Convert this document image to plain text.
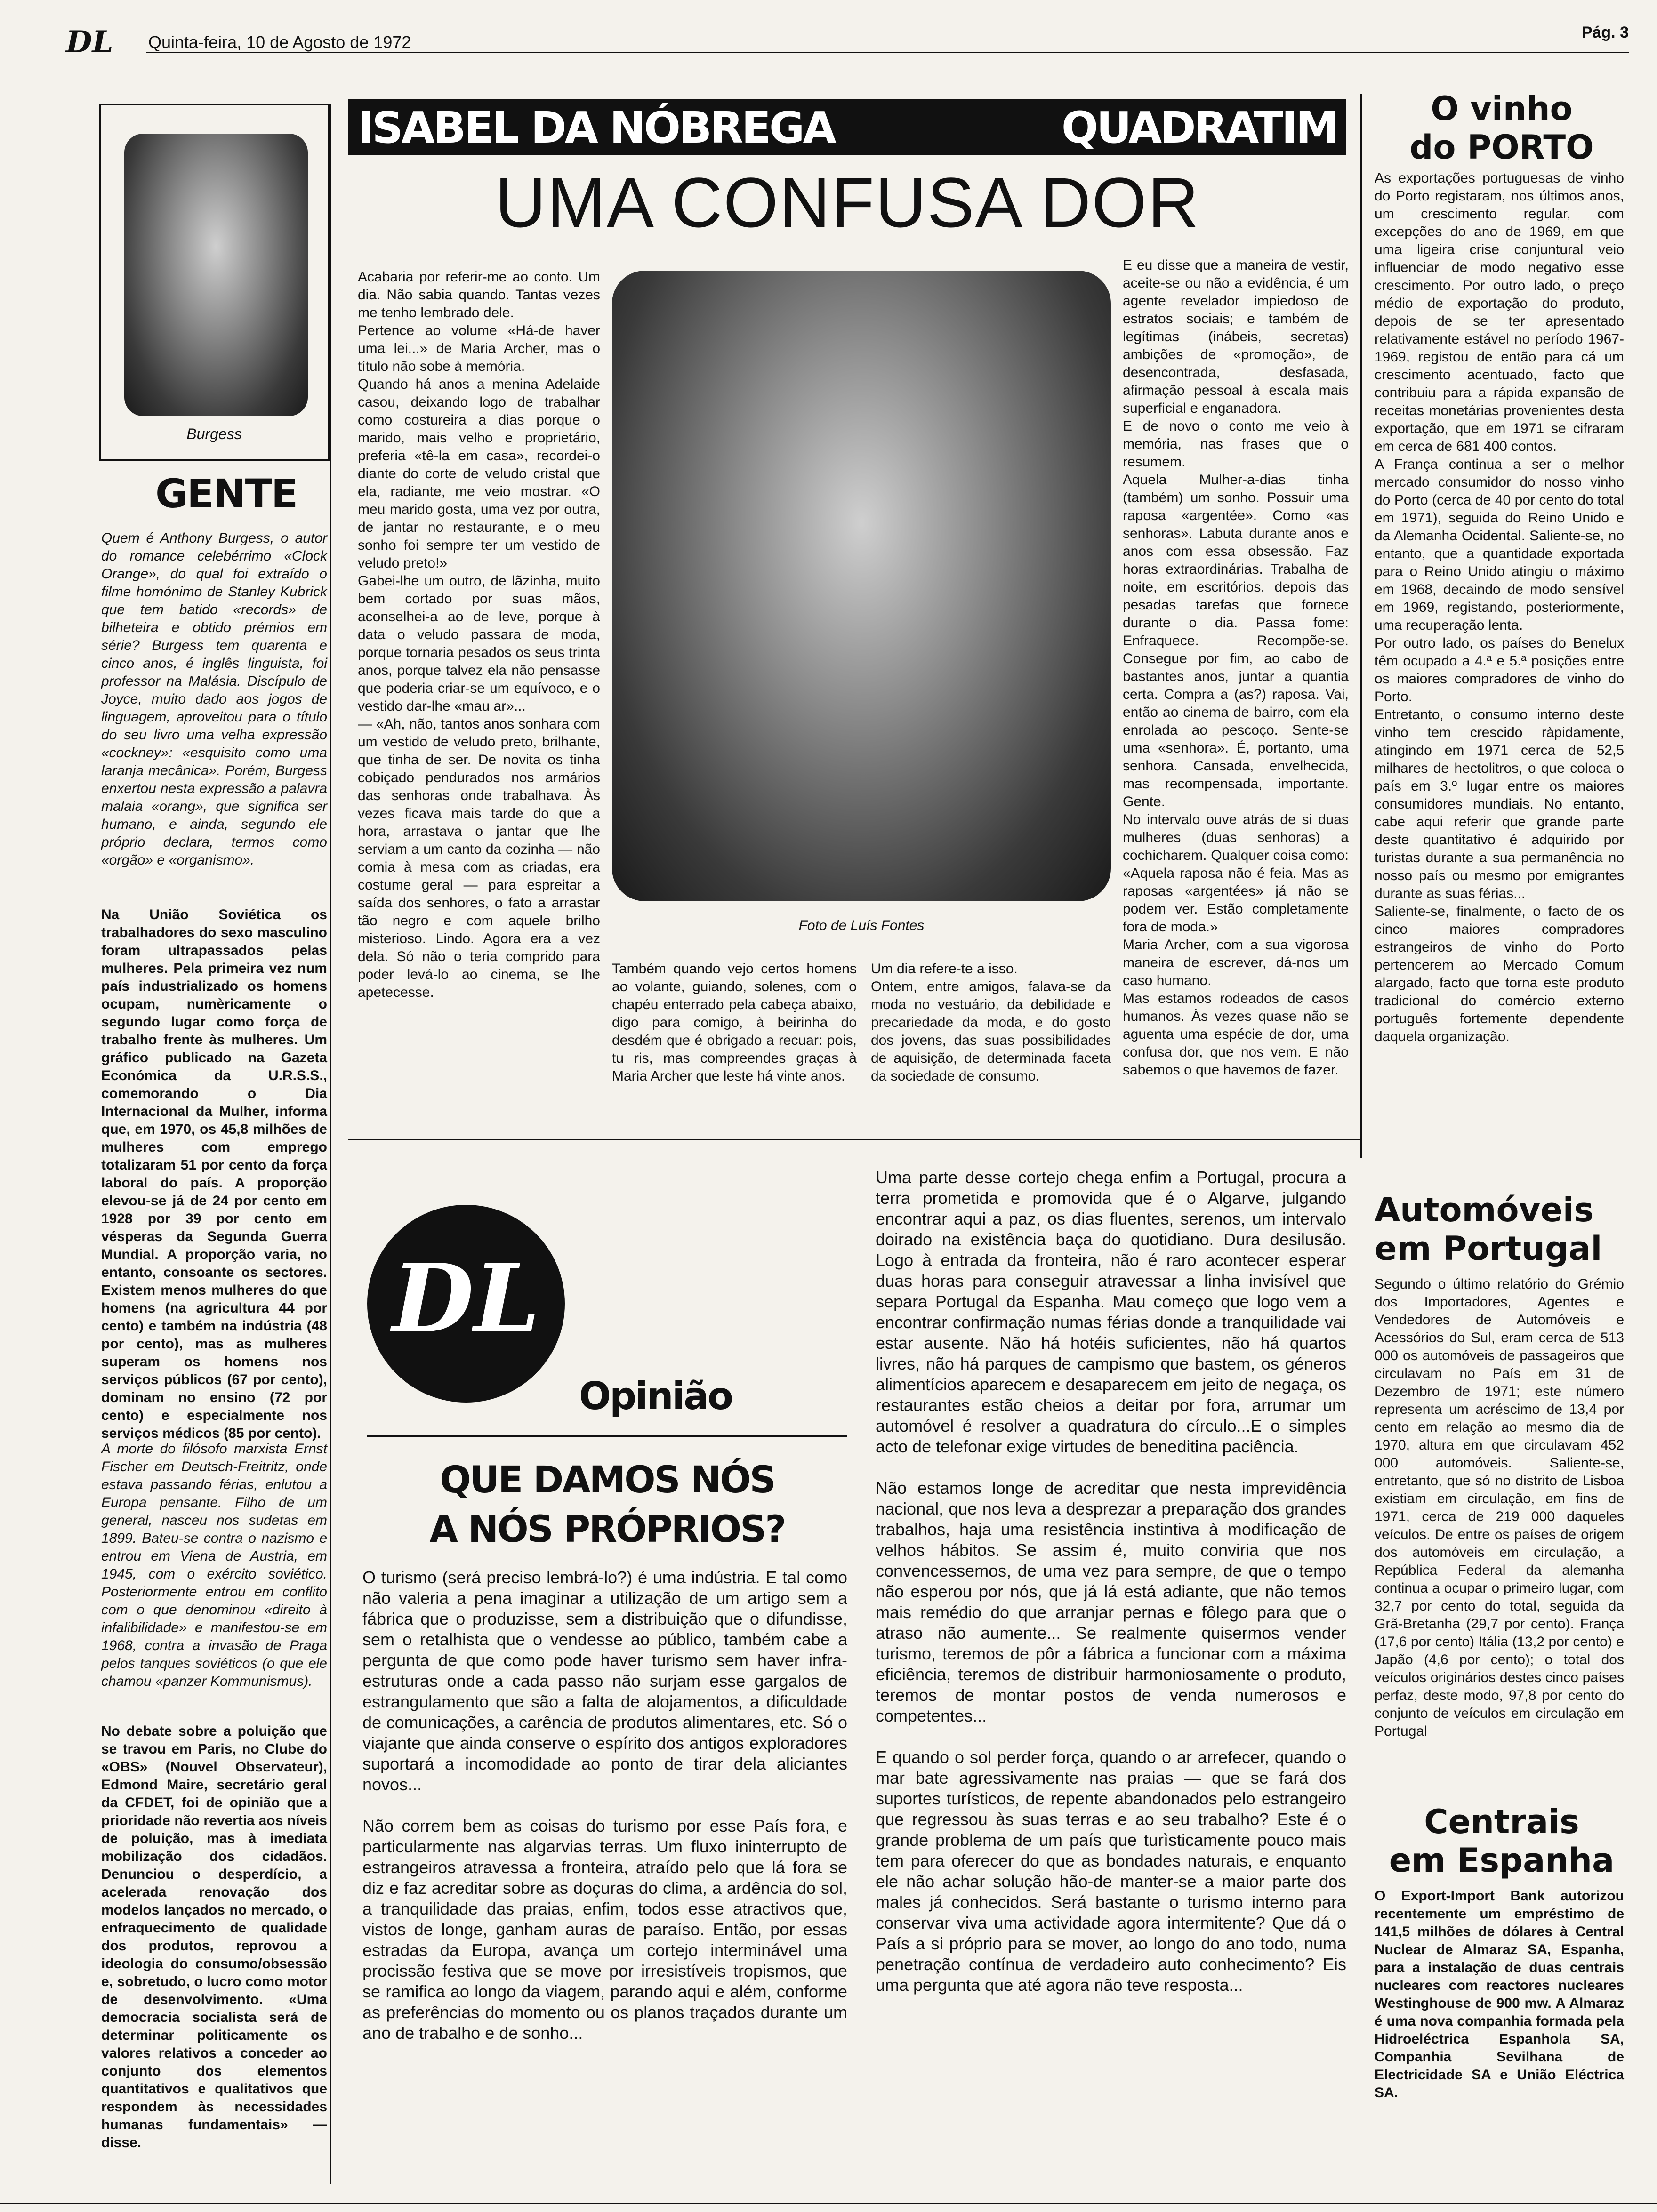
DL Quinta-feira, 10 de Agosto de 1972	Pág. 3
Burgess
GENTE
Quem é Anthony Burgess, o autor do romance celebérrimo «Clock Orange», do qual foi extraído o filme homónimo de Stanley Kubrick que tem batido «records» de bilheteira e obtido prémios em série? Burgess tem quarenta e cinco anos, é inglês linguista, foi professor na Malásia. Discípulo de Joyce, muito dado aos jogos de linguagem, aproveitou para o título do seu livro uma velha expressão «cockney»: «esquisito como uma laranja mecânica». Porém, Burgess enxertou nesta expressão a palavra malaia «orang», que significa ser humano, e ainda, segundo ele próprio declara, termos como «orgão» e «organismo».
Na União Soviética os trabalhadores do sexo masculino foram ultrapassados pelas mulheres. Pela primeira vez num país industrializado os homens ocupam, numèricamente o segundo lugar como força de trabalho frente às mulheres. Um gráfico publicado na Gazeta Económica da U.R.S.S., comemorando o Dia Internacional da Mulher, informa que, em 1970, os 45,8 milhões de mulheres com emprego totalizaram 51 por cento da força laboral do país. A proporção elevou-se já de 24 por cento em 1928 por 39 por cento em vésperas da Segunda Guerra Mundial. A proporção varia, no entanto, consoante os sectores. Existem menos mulheres do que homens (na agricultura 44 por cento) e também na indústria (48 por cento), mas as mulheres superam os homens nos serviços públicos (67 por cento), dominam no ensino (72 por cento) e especialmente nos serviços médicos (85 por cento).
A morte do filósofo marxista Ernst Fischer em Deutsch-Freitritz, onde estava passando férias, enlutou a Europa pensante. Filho de um general, nasceu nos sudetas em 1899. Bateu-se contra o nazismo e entrou em Viena de Austria, em 1945, com o exército soviético. Posteriormente entrou em conflito com o que denominou «direito à infalibilidade» e manifestou-se em 1968, contra a invasão de Praga pelos tanques soviéticos (o que ele chamou «panzer Kommunismus).
No debate sobre a poluição que se travou em Paris, no Clube do «OBS» (Nouvel Observateur), Edmond Maire, secretário geral da CFDET, foi de opinião que a prioridade não revertia aos níveis de poluição, mas à imediata mobilização dos cidadãos. Denunciou o desperdício, a acelerada renovação dos modelos lançados no mercado, o enfraquecimento de qualidade dos produtos, reprovou a ideologia do consumo/obsessão e, sobretudo, o lucro como motor de desenvolvimento. «Uma democracia socialista será de determinar politicamente os valores relativos a conceder ao conjunto dos elementos quantitativos e qualitativos que respondem às necessidades humanas fundamentais» — disse.
ISABEL DA NÓBREGA	QUADRATIM
UMA CONFUSA DOR
Foto de Luís Fontes
Acabaria por referir-me ao conto. Um dia. Não sabia quando. Tantas vezes me tenho lembrado dele.
Pertence ao volume «Há-de haver uma lei...» de Maria Archer, mas o título não sobe à memória.
Quando há anos a menina Adelaide casou, deixando logo de trabalhar como costureira a dias porque o marido, mais velho e proprietário, preferia «tê-la em casa», recordei-o diante do corte de veludo cristal que ela, radiante, me veio mostrar. «O meu marido gosta, uma vez por outra, de jantar no restaurante, e o meu sonho foi sempre ter um vestido de veludo preto!»
Gabei-lhe um outro, de lãzinha, muito bem cortado por suas mãos, aconselhei-a ao de leve, porque à data o veludo passara de moda, porque tornaria pesados os seus trinta anos, porque talvez ela não pensasse que poderia criar-se um equívoco, e o vestido dar-lhe «mau ar»...
— «Ah, não, tantos anos sonhara com um vestido de veludo preto, brilhante, que tinha de ser. De novita os tinha cobiçado pendurados nos armários das senhoras onde trabalhava. Às vezes ficava mais tarde do que a hora, arrastava o jantar que lhe serviam a um canto da cozinha — não comia à mesa com as criadas, era costume geral — para espreitar a saída dos senhores, o fato a arrastar tão negro e com aquele brilho misterioso. Lindo. Agora era a vez dela. Só não o teria comprido para poder levá-lo ao cinema, se lhe apetecesse.
Também quando vejo certos homens ao volante, guiando, solenes, com o chapéu enterrado pela cabeça abaixo, digo para comigo, à beirinha do desdém que é obrigado a recuar: pois, tu ris, mas compreendes graças à Maria Archer que leste há vinte anos.
Um dia refere-te a isso.
Ontem, entre amigos, falava-se da moda no vestuário, da debilidade e precariedade da moda, e do gosto dos jovens, das suas possibilidades de aquisição, de determinada faceta da sociedade de consumo.
E eu disse que a maneira de vestir, aceite-se ou não a evidência, é um agente revelador impiedoso de estratos sociais; e também de legítimas (inábeis, secretas) ambições de «promoção», de desencontrada, desfasada, afirmação pessoal à escala mais superficial e enganadora.
E de novo o conto me veio à memória, nas frases que o resumem.
Aquela Mulher-a-dias tinha (também) um sonho. Possuir uma raposa «argentée». Como «as senhoras». Labuta durante anos e anos com essa obsessão. Faz horas extraordinárias. Trabalha de noite, em escritórios, depois das pesadas tarefas que fornece durante o dia. Passa fome: Enfraquece. Recompõe-se. Consegue por fim, ao cabo de bastantes anos, juntar a quantia certa. Compra a (as?) raposa. Vai, então ao cinema de bairro, com ela enrolada ao pescoço. Sente-se uma «senhora». É, portanto, uma senhora. Cansada, envelhecida, mas recompensada, importante. Gente.
No intervalo ouve atrás de si duas mulheres (duas senhoras) a cochicharem. Qualquer coisa como: «Aquela raposa não é feia. Mas as raposas «argentées» já não se podem ver. Estão completamente fora de moda.»
Maria Archer, com a sua vigorosa maneira de escrever, dá-nos um caso humano.
Mas estamos rodeados de casos humanos. Às vezes quase não se aguenta uma espécie de dor, uma confusa dor, que nos vem. E não sabemos o que havemos de fazer.
DL
Opinião
QUE DAMOS NÓS
A NÓS PRÓPRIOS?
O turismo (será preciso lembrá-lo?) é uma indústria. E tal como não valeria a pena imaginar a utilização de um artigo sem a fábrica que o produzisse, sem a distribuição que o difundisse, sem o retalhista que o vendesse ao público, também cabe a pergunta de que como pode haver turismo sem haver infra-estruturas onde a cada passo não surjam esse gargalos de estrangulamento que são a falta de alojamentos, a dificuldade de comunicações, a carência de produtos alimentares, etc. Só o viajante que ainda conserve o espírito dos antigos exploradores suportará a incomodidade ao ponto de tirar dela aliciantes novos...

Não correm bem as coisas do turismo por esse País fora, e particularmente nas algarvias terras. Um fluxo ininterrupto de estrangeiros atravessa a fronteira, atraído pelo que lá fora se diz e faz acreditar sobre as doçuras do clima, a ardência do sol, a tranquilidade das praias, enfim, todos esse atractivos que, vistos de longe, ganham auras de paraíso. Então, por essas estradas da Europa, avança um cortejo interminável uma procissão festiva que se move por irresistíveis tropismos, que se ramifica ao longo da viagem, parando aqui e além, conforme as preferências do momento ou os planos traçados durante um ano de trabalho e de sonho...
Uma parte desse cortejo chega enfim a Portugal, procura a terra prometida e promovida que é o Algarve, julgando encontrar aqui a paz, os dias fluentes, serenos, um intervalo doirado na existência baça do quotidiano. Dura desilusão. Logo à entrada da fronteira, não é raro acontecer esperar duas horas para conseguir atravessar a linha invisível que separa Portugal da Espanha. Mau começo que logo vem a encontrar confirmação numas férias donde a tranquilidade vai estar ausente. Não há hotéis suficientes, não há quartos livres, não há parques de campismo que bastem, os géneros alimentícios aparecem e desaparecem em jeito de negaça, os restaurantes estão cheios a deitar por fora, arrumar um automóvel é resolver a quadratura do círculo...E o simples acto de telefonar exige virtudes de beneditina paciência.

Não estamos longe de acreditar que nesta imprevidência nacional, que nos leva a desprezar a preparação dos grandes trabalhos, haja uma resistência instintiva à modificação de velhos hábitos. Se assim é, muito conviria que nos convencessemos, de uma vez para sempre, de que o tempo não esperou por nós, que já lá está adiante, que não temos mais remédio do que arranjar pernas e fôlego para que o atraso não aumente... Se realmente quisermos vender turismo, teremos de pôr a fábrica a funcionar com a máxima eficiência, teremos de distribuir harmoniosamente o produto, teremos de montar postos de venda numerosos e competentes...

E quando o sol perder força, quando o ar arrefecer, quando o mar bate agressivamente nas praias — que se fará dos suportes turísticos, de repente abandonados pelo estrangeiro que regressou às suas terras e ao seu trabalho? Este é o grande problema de um país que turìsticamente pouco mais tem para oferecer do que as bondades naturais, e enquanto ele não achar solução hão-de manter-se a maior parte dos males já conhecidos. Será bastante o turismo interno para conservar viva uma actividade agora intermitente? Que dá o País a si próprio para se mover, ao longo do ano todo, numa penetração contínua de verdadeiro auto conhecimento? Eis uma pergunta que até agora não teve resposta...
O vinho
do PORTO
As exportações portuguesas de vinho do Porto registaram, nos últimos anos, um crescimento regular, com excepções do ano de 1969, em que uma ligeira crise conjuntural veio influenciar de modo negativo esse crescimento. Por outro lado, o preço médio de exportação do produto, depois de se ter apresentado relativamente estável no período 1967-1969, registou de então para cá um crescimento acentuado, facto que contribuiu para a rápida expansão de receitas monetárias provenientes desta exportação, que em 1971 se cifraram em cerca de 681 400 contos.
A França continua a ser o melhor mercado consumidor do nosso vinho do Porto (cerca de 40 por cento do total em 1971), seguida do Reino Unido e da Alemanha Ocidental. Saliente-se, no entanto, que a quantidade exportada para o Reino Unido atingiu o máximo em 1968, decaindo de modo sensível em 1969, registando, posteriormente, uma recuperação lenta.
Por outro lado, os países do Benelux têm ocupado a 4.ª e 5.ª posições entre os maiores compradores de vinho do Porto.
Entretanto, o consumo interno deste vinho tem crescido ràpidamente, atingindo em 1971 cerca de 52,5 milhares de hectolitros, o que coloca o país em 3.º lugar entre os maiores consumidores mundiais. No entanto, cabe aqui referir que grande parte deste quantitativo é adquirido por turistas durante a sua permanência no nosso país ou mesmo por emigrantes durante as suas férias...
Saliente-se, finalmente, o facto de os cinco maiores compradores estrangeiros de vinho do Porto pertencerem ao Mercado Comum alargado, facto que torna este produto tradicional do comércio externo português fortemente dependente daquela organização.
Automóveis
em Portugal
Segundo o último relatório do Grémio dos Importadores, Agentes e Vendedores de Automóveis e Acessórios do Sul, eram cerca de 513 000 os automóveis de passageiros que circulavam no País em 31 de Dezembro de 1971; este número representa um acréscimo de 13,4 por cento em relação ao mesmo dia de 1970, altura em que circulavam 452 000 automóveis. Saliente-se, entretanto, que só no distrito de Lisboa existiam em circulação, em fins de 1971, cerca de 219 000 daqueles veículos. De entre os países de origem dos automóveis em circulação, a República Federal da alemanha continua a ocupar o primeiro lugar, com 32,7 por cento do total, seguida da Grã-Bretanha (29,7 por cento). França (17,6 por cento) Itália (13,2 por cento) e Japão (4,6 por cento); o total dos veículos originários destes cinco países perfaz, deste modo, 97,8 por cento do conjunto de veículos em circulação em Portugal
Centrais
em Espanha
O Export-Import Bank autorizou recentemente um empréstimo de 141,5 milhões de dólares à Central Nuclear de Almaraz SA, Espanha, para a instalação de duas centrais nucleares com reactores nucleares Westinghouse de 900 mw. A Almaraz é uma nova companhia formada pela Hidroeléctrica Espanhola SA, Companhia Sevilhana de Electricidade SA e União Eléctrica SA.
